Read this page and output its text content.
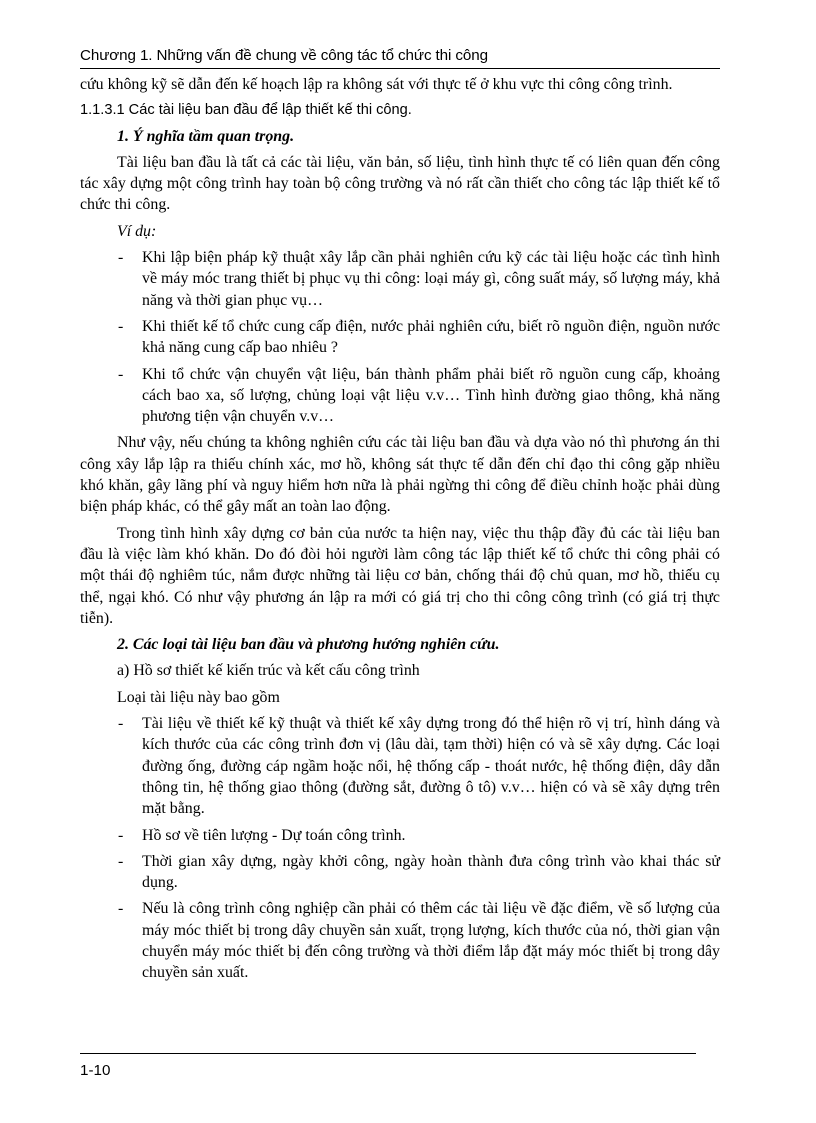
Chương 1. Những vấn đề chung về công tác tổ chức thi công

cứu không kỹ sẽ dẫn đến kế hoạch lập ra không sát với thực tế ở khu vực thi công công trình.

1.1.3.1 Các tài liệu ban đầu để lập thiết kế thi công.

1. Ý nghĩa tầm quan trọng.

Tài liệu ban đầu là tất cả các tài liệu, văn bản, số liệu, tình hình thực tế có liên quan đến công tác xây dựng một công trình hay toàn bộ công trường và nó rất cần thiết cho công tác lập thiết kế tổ chức thi công.

Ví dụ:

- Khi lập biện pháp kỹ thuật xây lắp cần phải nghiên cứu kỹ các tài liệu hoặc các tình hình về máy móc trang thiết bị phục vụ thi công: loại máy gì, công suất máy, số lượng máy, khả năng và thời gian phục vụ…
- Khi thiết kế tổ chức cung cấp điện, nước phải nghiên cứu, biết rõ nguồn điện, nguồn nước khả năng cung cấp bao nhiêu ?
- Khi tổ chức vận chuyển vật liệu, bán thành phẩm phải biết rõ nguồn cung cấp, khoảng cách bao xa, số lượng, chủng loại vật liệu v.v… Tình hình đường giao thông, khả năng phương tiện vận chuyển v.v…

Như vậy, nếu chúng ta không nghiên cứu các tài liệu ban đầu và dựa vào nó thì phương án thi công xây lắp lập ra thiếu chính xác, mơ hồ, không sát thực tế dẫn đến chỉ đạo thi công gặp nhiều khó khăn, gây lãng phí và nguy hiểm hơn nữa là phải ngừng thi công để điều chỉnh hoặc phải dùng biện pháp khác, có thể gây mất an toàn lao động.

Trong tình hình xây dựng cơ bản của nước ta hiện nay, việc thu thập đầy đủ các tài liệu ban đầu là việc làm khó khăn. Do đó đòi hỏi người làm công tác lập thiết kế tổ chức thi công phải có một thái độ nghiêm túc, nắm được những tài liệu cơ bản, chống thái độ chủ quan, mơ hồ, thiếu cụ thể, ngại khó. Có như vậy phương án lập ra mới có giá trị cho thi công công trình (có giá trị thực tiễn).

2. Các loại tài liệu ban đầu và phương hướng nghiên cứu.

a) Hồ sơ thiết kế kiến trúc và kết cấu công trình

Loại tài liệu này bao gồm

- Tài liệu về thiết kế kỹ thuật và thiết kế xây dựng trong đó thể hiện rõ vị trí, hình dáng và kích thước của các công trình đơn vị (lâu dài, tạm thời) hiện có và sẽ xây dựng. Các loại đường ống, đường cáp ngầm hoặc nổi, hệ thống cấp - thoát nước, hệ thống điện, dây dẫn thông tin, hệ thống giao thông (đường sắt, đường ô tô) v.v… hiện có và sẽ xây dựng trên mặt bằng.
- Hồ sơ về tiên lượng - Dự toán công trình.
- Thời gian xây dựng, ngày khởi công, ngày hoàn thành đưa công trình vào khai thác sử dụng.
- Nếu là công trình công nghiệp cần phải có thêm các tài liệu về đặc điểm, về số lượng của máy móc thiết bị trong dây chuyền sản xuất, trọng lượng, kích thước của nó, thời gian vận chuyển máy móc thiết bị đến công trường và thời điểm lắp đặt máy móc thiết bị trong dây chuyền sản xuất.
1-10
